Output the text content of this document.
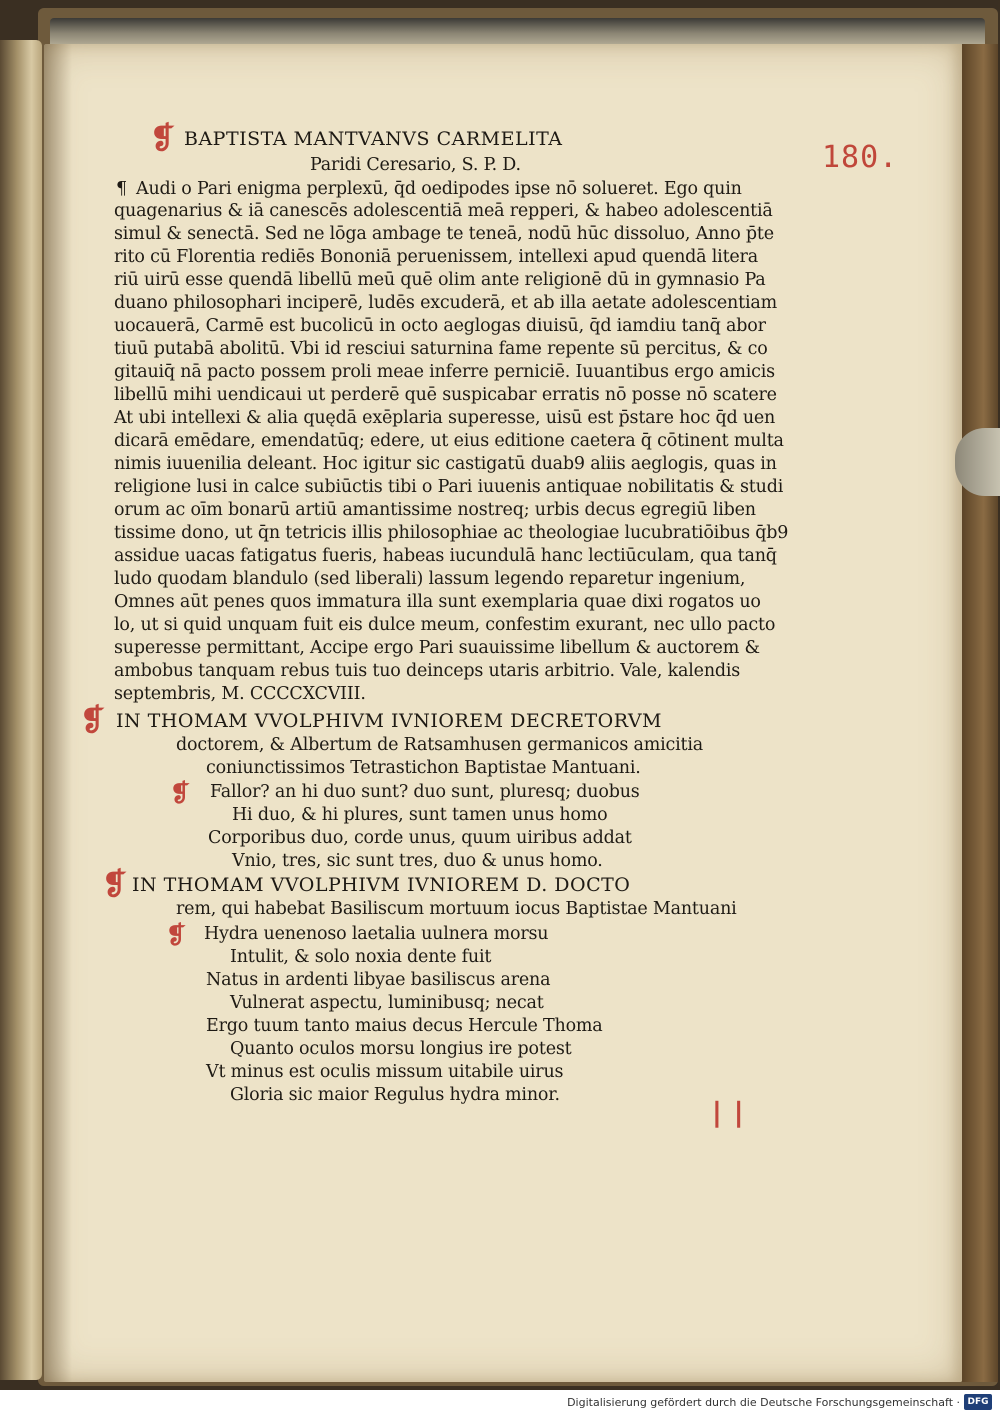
180.
❡ BAPTISTA MANTVANVS CARMELITA
Paridi Ceresario, S. P. D.
¶ Audi o Pari enigma perplexū, q̄d oedipodes ipse nō solueret. Ego quin
quagenarius & iā canescēs adolescentiā meā repperi, & habeo adolescentiā
simul & senectā. Sed ne lōga ambage te teneā, nodū hūc dissoluo, Anno p̄te
rito cū Florentia rediēs Bononiā peruenissem, intellexi apud quendā litera
riū uirū esse quendā libellū meū quē olim ante religionē dū in gymnasio Pa
duano philosophari inciperē, ludēs excuderā, et ab illa aetate adolescentiam
uocauerā, Carmē est bucolicū in octo aeglogas diuisū, q̄d iamdiu tanq̄ abor
tiuū putabā abolitū. Vbi id resciui saturnina fame repente sū percitus, & co
gitauiq̄ nā pacto possem proli meae inferre perniciē. Iuuantibus ergo amicis
libellū mihi uendicaui ut perderē quē suspicabar erratis nō posse nō scatere
At ubi intellexi & alia quędā exēplaria superesse, uisū est p̄stare hoc q̄d uen
dicarā emēdare, emendatūq; edere, ut eius editione caetera q̄ cōtinent multa
nimis iuuenilia deleant. Hoc igitur sic castigatū duab9 aliis aeglogis, quas in
religione lusi in calce subiūctis tibi o Pari iuuenis antiquae nobilitatis & studi
orum ac oīm bonarū artiū amantissime nostreq; urbis decus egregiū liben
tissime dono, ut q̄n tetricis illis philosophiae ac theologiae lucubratiōibus q̄b9
assidue uacas fatigatus fueris, habeas iucundulā hanc lectiūculam, qua tanq̄
ludo quodam blandulo (sed liberali) lassum legendo reparetur ingenium,
Omnes aūt penes quos immatura illa sunt exemplaria quae dixi rogatos uo
lo, ut si quid unquam fuit eis dulce meum, confestim exurant, nec ullo pacto
superesse permittant, Accipe ergo Pari suauissime libellum & auctorem &
ambobus tanquam rebus tuis tuo deinceps utaris arbitrio. Vale, kalendis
septembris, M. CCCCXCVIII.
❡ IN THOMAM VVOLPHIVM IVNIOREM DECRETORVM
doctorem, & Albertum de Ratsamhusen germanicos amicitia
coniunctissimos Tetrastichon Baptistae Mantuani.
❡ Fallor? an hi duo sunt? duo sunt, pluresq; duobus
Hi duo, & hi plures, sunt tamen unus homo
Corporibus duo, corde unus, quum uiribus addat
Vnio, tres, sic sunt tres, duo & unus homo.
❡ IN THOMAM VVOLPHIVM IVNIOREM D. DOCTO
rem, qui habebat Basiliscum mortuum iocus Baptistae Mantuani
❡ Hydra uenenoso laetalia uulnera morsu
Intulit, & solo noxia dente fuit
Natus in ardenti libyae basiliscus arena
Vulnerat aspectu, luminibusq; necat
Ergo tuum tanto maius decus Hercule Thoma
Quanto oculos morsu longius ire potest
Vt minus est oculis missum uitabile uirus
Gloria sic maior Regulus hydra minor.
❘❘
Digitalisierung gefördert durch die Deutsche Forschungsgemeinschaft · DFG
